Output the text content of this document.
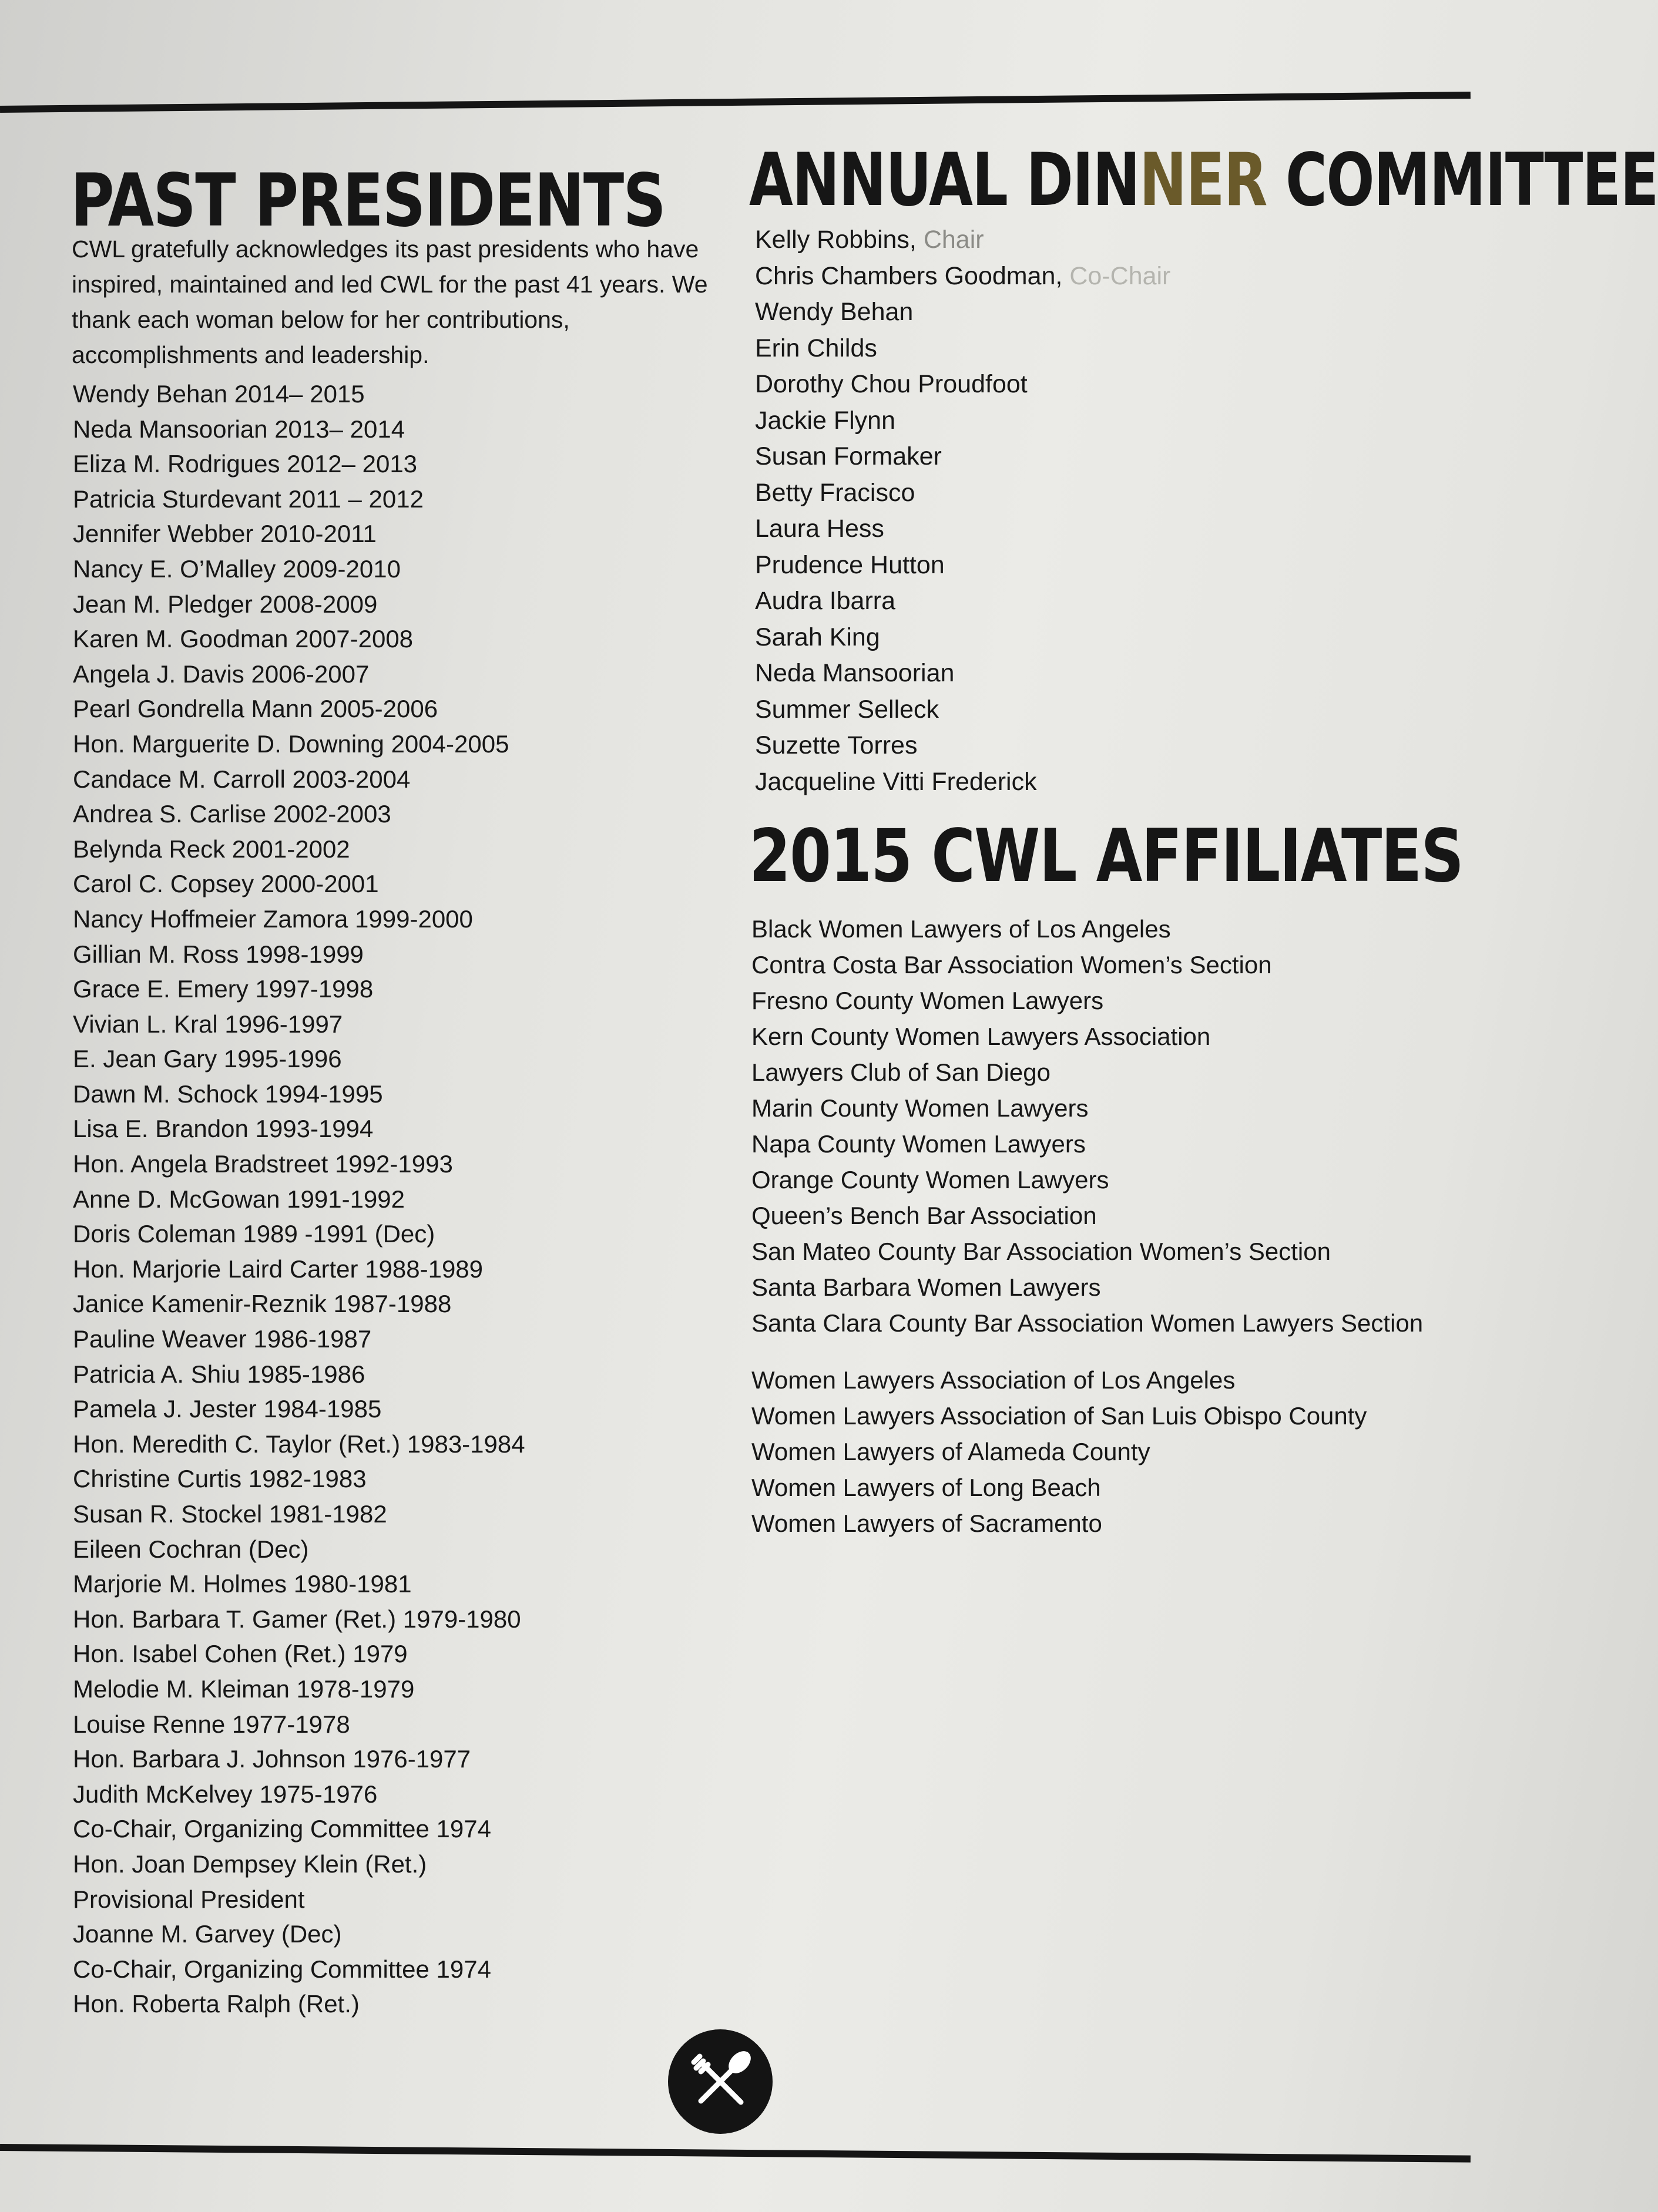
PAST PRESIDENTS

CWL gratefully acknowledges its past presidents who have inspired, maintained and led CWL for the past 41 years. We thank each woman below for her contributions, accomplishments and leadership.

Wendy Behan 2014– 2015
Neda Mansoorian 2013– 2014
Eliza M. Rodrigues 2012– 2013
Patricia Sturdevant 2011 – 2012
Jennifer Webber 2010-2011
Nancy E. O’Malley 2009-2010
Jean M. Pledger 2008-2009
Karen M. Goodman 2007-2008
Angela J. Davis 2006-2007
Pearl Gondrella Mann 2005-2006
Hon. Marguerite D. Downing 2004-2005
Candace M. Carroll 2003-2004
Andrea S. Carlise 2002-2003
Belynda Reck 2001-2002
Carol C. Copsey 2000-2001
Nancy Hoffmeier Zamora 1999-2000
Gillian M. Ross 1998-1999
Grace E. Emery 1997-1998
Vivian L. Kral 1996-1997
E. Jean Gary 1995-1996
Dawn M. Schock 1994-1995
Lisa E. Brandon 1993-1994
Hon. Angela Bradstreet 1992-1993
Anne D. McGowan 1991-1992
Doris Coleman 1989 -1991 (Dec)
Hon. Marjorie Laird Carter 1988-1989
Janice Kamenir-Reznik 1987-1988
Pauline Weaver 1986-1987
Patricia A. Shiu 1985-1986
Pamela J. Jester 1984-1985
Hon. Meredith C. Taylor (Ret.) 1983-1984
Christine Curtis 1982-1983
Susan R. Stockel 1981-1982
Eileen Cochran (Dec)
Marjorie M. Holmes 1980-1981
Hon. Barbara T. Gamer (Ret.) 1979-1980
Hon. Isabel Cohen (Ret.) 1979
Melodie M. Kleiman 1978-1979
Louise Renne 1977-1978
Hon. Barbara J. Johnson 1976-1977
Judith McKelvey 1975-1976
Co-Chair, Organizing Committee 1974
Hon. Joan Dempsey Klein (Ret.)
Provisional President
Joanne M. Garvey (Dec)
Co-Chair, Organizing Committee 1974
Hon. Roberta Ralph (Ret.)
ANNUAL DINNER COMMITTEE
Kelly Robbins, Chair
Chris Chambers Goodman, Co-Chair
Wendy Behan
Erin Childs
Dorothy Chou Proudfoot
Jackie Flynn
Susan Formaker
Betty Fracisco
Laura Hess
Prudence Hutton
Audra Ibarra
Sarah King
Neda Mansoorian
Summer Selleck
Suzette Torres
Jacqueline Vitti Frederick
2015 CWL AFFILIATES
Black Women Lawyers of Los Angeles
Contra Costa Bar Association Women’s Section
Fresno County Women Lawyers
Kern County Women Lawyers Association
Lawyers Club of San Diego
Marin County Women Lawyers
Napa County Women Lawyers
Orange County Women Lawyers
Queen’s Bench Bar Association
San Mateo County Bar Association Women’s Section
Santa Barbara Women Lawyers
Santa Clara County Bar Association Women Lawyers Section
Women Lawyers Association of Los Angeles
Women Lawyers Association of San Luis Obispo County
Women Lawyers of Alameda County
Women Lawyers of Long Beach
Women Lawyers of Sacramento
